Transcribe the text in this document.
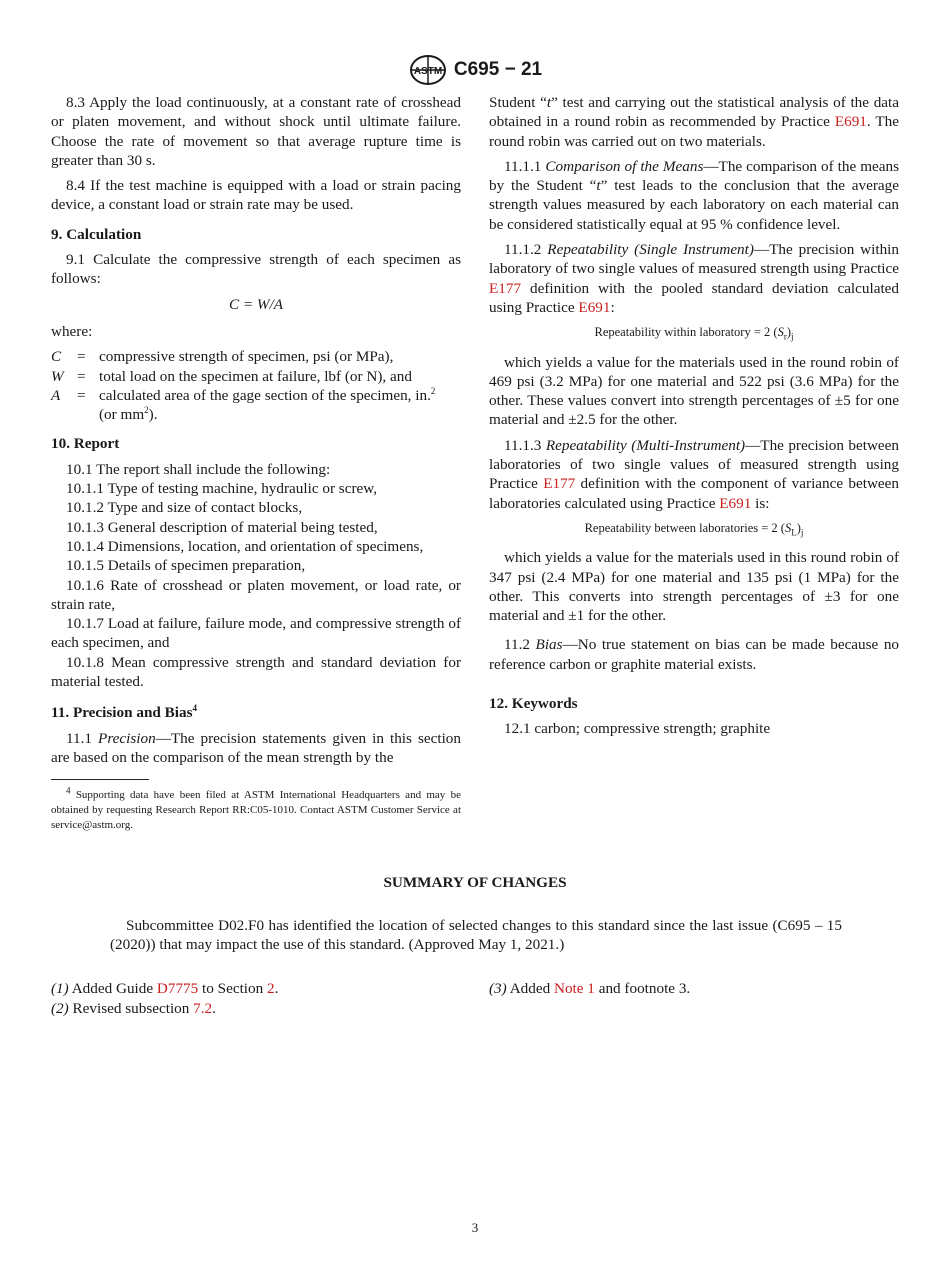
ASTM C695 − 21

8.3 Apply the load continuously, at a constant rate of crosshead or platen movement, and without shock until ultimate failure. Choose the rate of movement so that average rupture time is greater than 30 s.

8.4 If the test machine is equipped with a load or strain pacing device, a constant load or strain rate may be used.

9. Calculation

9.1 Calculate the compressive strength of each specimen as follows:

C = W/A

where:

C	=	compressive strength of specimen, psi (or MPa),
W	=	total load on the specimen at failure, lbf (or N), and
A	=	calculated area of the gage section of the specimen, in.$^2$
(or $mm^2$).
10. Report

10.1 The report shall include the following:

10.1.1 Type of testing machine, hydraulic or screw,

10.1.2 Type and size of contact blocks,

10.1.3 General description of material being tested,

10.1.4 Dimensions, location, and orientation of specimens,

10.1.5 Details of specimen preparation,

10.1.6 Rate of crosshead or platen movement, or load rate, or strain rate,

10.1.7 Load at failure, failure mode, and compressive strength of each specimen, and

10.1.8 Mean compressive strength and standard deviation for material tested.

11. Precision and Bias$^4$

11.1 Precision—The precision statements given in this section are based on the comparison of the mean strength by the

$^4$ Supporting data have been filed at ASTM International Headquarters and may be obtained by requesting Research Report RR:C05-1010. Contact ASTM Customer Service at service@astm.org.

Student “t” test and carrying out the statistical analysis of the data obtained in a round robin as recommended by Practice E691. The round robin was carried out on two materials.

11.1.1 Comparison of the Means—The comparison of the means by the Student “t” test leads to the conclusion that the average strength values measured by each laboratory on each material can be considered statistically equal at 95 % confidence level.

11.1.2 Repeatability (Single Instrument)—The precision within laboratory of two single values of measured strength using Practice E177 definition with the pooled standard deviation calculated using Practice E691:

Repeatability within laboratory = 2 $(S_r)_j$

which yields a value for the materials used in the round robin of 469 psi (3.2 MPa) for one material and 522 psi (3.6 MPa) for the other. These values convert into strength percentages of ±5 for one material and ±2.5 for the other.

11.1.3 Repeatability (Multi-Instrument)—The precision between laboratories of two single values of measured strength using Practice E177 definition with the component of variance between laboratories calculated using Practice E691 is:

Repeatability between laboratories = 2 $(S_L)_j$

which yields a value for the materials used in this round robin of 347 psi (2.4 MPa) for one material and 135 psi (1 MPa) for the other. This converts into strength percentages of ±3 for one material and ±1 for the other.

11.2 Bias—No true statement on bias can be made because no reference carbon or graphite material exists.

12. Keywords

12.1 carbon; compressive strength; graphite

SUMMARY OF CHANGES
Subcommittee D02.F0 has identified the location of selected changes to this standard since the last issue (C695 – 15 (2020)) that may impact the use of this standard. (Approved May 1, 2021.)
(1) Added Guide D7775 to Section 2.
(2) Revised subsection 7.2.
(3) Added Note 1 and footnote 3.
3
